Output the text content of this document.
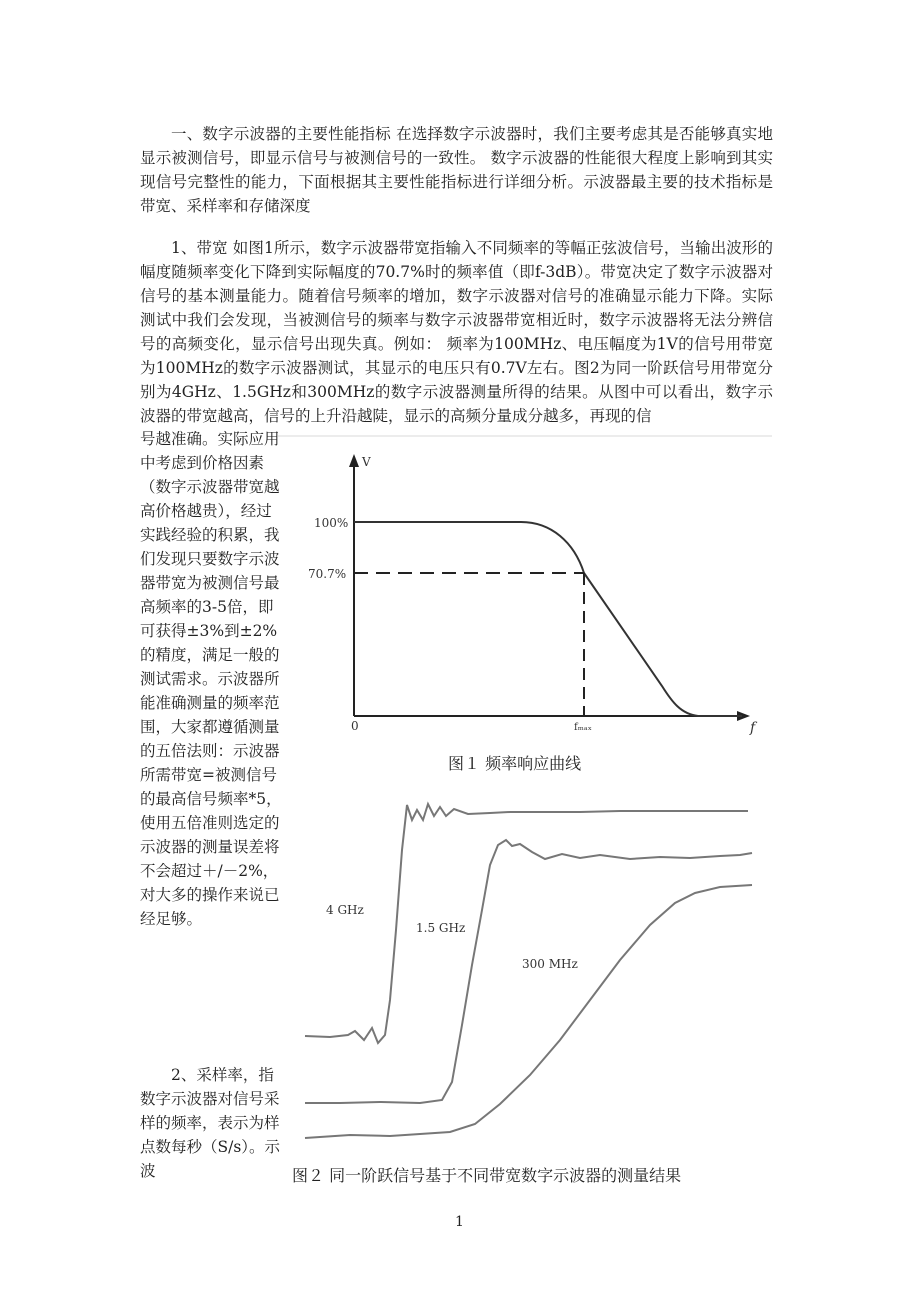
一、数字示波器的主要性能指标 在选择数字示波器时，我们主要考虑其是否能够真实地显示被测信号，即显示信号与被测信号的一致性。 数字示波器的性能很大程度上影响到其实现信号完整性的能力，下面根据其主要性能指标进行详细分析。示波器最主要的技术指标是带宽、采样率和存储深度

1、带宽 如图1所示，数字示波器带宽指输入不同频率的等幅正弦波信号，当输出波形的幅度随频率变化下降到实际幅度的70.7%时的频率值（即f-3dB）。带宽决定了数字示波器对信号的基本测量能力。随着信号频率的增加，数字示波器对信号的准确显示能力下降。实际测试中我们会发现，当被测信号的频率与数字示波器带宽相近时，数字示波器将无法分辨信号的高频变化，显示信号出现失真。例如： 频率为100MHz、电压幅度为1V的信号用带宽为100MHz的数字示波器测试，其显示的电压只有0.7V左右。图2为同一阶跃信号用带宽分别为4GHz、1.5GHz和300MHz的数字示波器测量所得的结果。从图中可以看出，数字示波器的带宽越高，信号的上升沿越陡，显示的高频分量成分越多，再现的信

号越准确。实际应用中考虑到价格因素（数字示波器带宽越高价格越贵），经过实践经验的积累，我们发现只要数字示波器带宽为被测信号最高频率的3-5倍，即可获得±3%到±2%的精度，满足一般的测试需求。示波器所能准确测量的频率范围，大家都遵循测量的五倍法则：示波器所需带宽=被测信号的最高信号频率*5，使用五倍准则选定的示波器的测量误差将不会超过＋/－2%，对大多的操作来说已经足够。

2、采样率，指数字示波器对信号采样的频率，表示为样点数每秒（S/s）。示波

V
100%
70.7%
0	fₘₐₓ	f
图１ 频率响应曲线
4 GHz
1.5 GHz
300 MHz
图２ 同一阶跃信号基于不同带宽数字示波器的测量结果
1
